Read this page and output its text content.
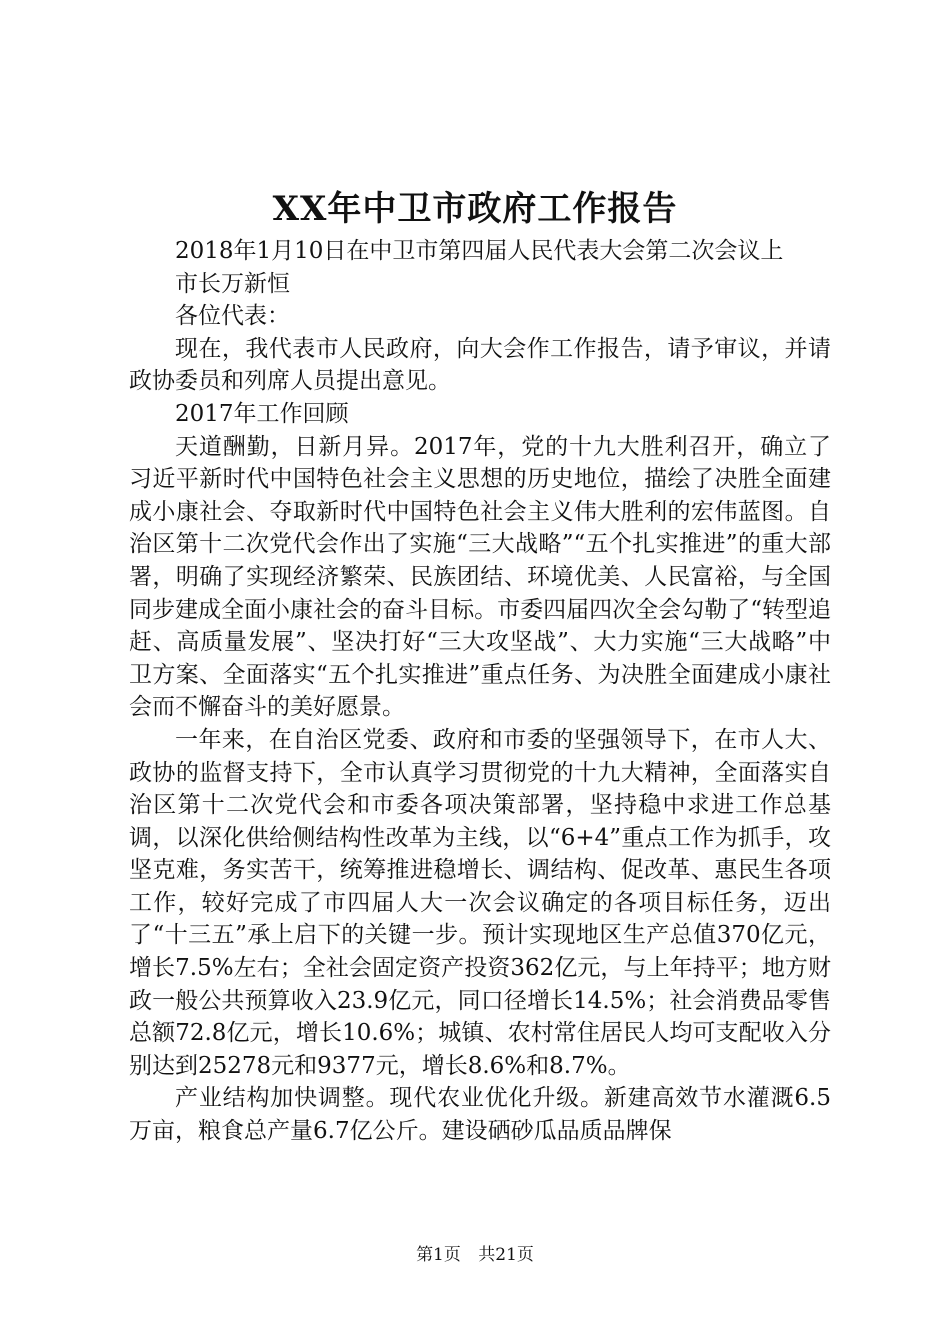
XX年中卫市政府工作报告

2018年1月10日在中卫市第四届人民代表大会第二次会议上

市长万新恒

各位代表：

现在，我代表市人民政府，向大会作工作报告，请予审议，并请政协委员和列席人员提出意见。

2017年工作回顾

天道酬勤，日新月异。2017年，党的十九大胜利召开，确立了习近平新时代中国特色社会主义思想的历史地位，描绘了决胜全面建成小康社会、夺取新时代中国特色社会主义伟大胜利的宏伟蓝图。自治区第十二次党代会作出了实施“三大战略”“五个扎实推进”的重大部署，明确了实现经济繁荣、民族团结、环境优美、人民富裕，与全国同步建成全面小康社会的奋斗目标。市委四届四次全会勾勒了“转型追赶、高质量发展”、坚决打好“三大攻坚战”、大力实施“三大战略”中卫方案、全面落实“五个扎实推进”重点任务、为决胜全面建成小康社会而不懈奋斗的美好愿景。

一年来，在自治区党委、政府和市委的坚强领导下，在市人大、政协的监督支持下，全市认真学习贯彻党的十九大精神，全面落实自治区第十二次党代会和市委各项决策部署，坚持稳中求进工作总基调，以深化供给侧结构性改革为主线，以“6+4”重点工作为抓手，攻坚克难，务实苦干，统筹推进稳增长、调结构、促改革、惠民生各项工作，较好完成了市四届人大一次会议确定的各项目标任务，迈出了“十三五”承上启下的关键一步。预计实现地区生产总值370亿元，增长7.5%左右；全社会固定资产投资362亿元，与上年持平；地方财政一般公共预算收入23.9亿元，同口径增长14.5%；社会消费品零售总额72.8亿元，增长10.6%；城镇、农村常住居民人均可支配收入分别达到25278元和9377元，增长8.6%和8.7%。

产业结构加快调整。现代农业优化升级。新建高效节水灌溉6.5万亩，粮食总产量6.7亿公斤。建设硒砂瓜品质品牌保

第1页 共21页
